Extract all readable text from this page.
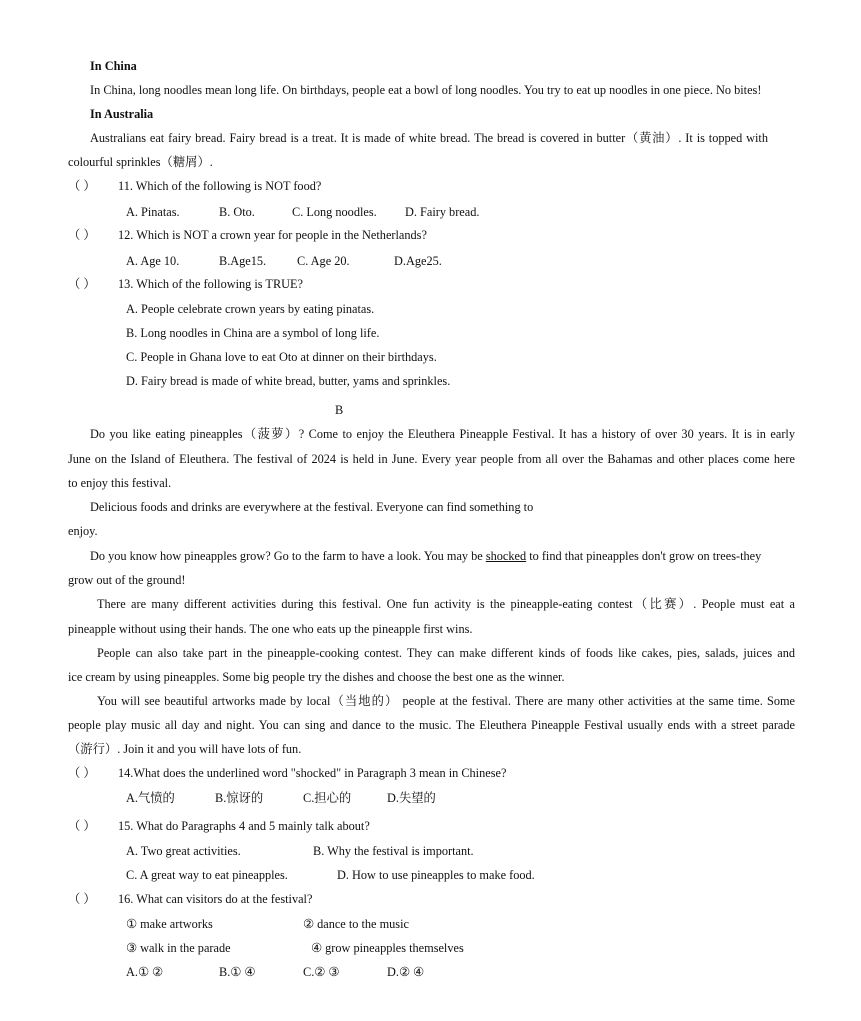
In China
In China, long noodles mean long life. On birthdays, people eat a bowl of long noodles. You try to eat up noodles in one piece. No bites!
In Australia
Australians eat fairy bread. Fairy bread is a treat. It is made of white bread. The bread is covered in butter（黄油）. It is topped with
colourful sprinkles（糖屑）.
（ ） 11. Which of the following is NOT food?
A. Pinatas.	B. Oto.	C. Long noodles. D. Fairy bread.
（ ） 12. Which is NOT a crown year for people in the Netherlands?
A. Age 10.	B.Age15.	C. Age 20.	D.Age25.
（ ） 13. Which of the following is TRUE?
A. People celebrate crown years by eating pinatas.
B. Long noodles in China are a symbol of long life.
C. People in Ghana love to eat Oto at dinner on their birthdays.
D. Fairy bread is made of white bread, butter, yams and sprinkles.
B
Do you like eating pineapples（菠萝）? Come to enjoy the Eleuthera Pineapple Festival. It has a history of over 30 years. It is in early
June on the Island of Eleuthera. The festival of 2024 is held in June. Every year people from all over the Bahamas and other places come here
to enjoy this festival.
Delicious foods and drinks are everywhere at the festival. Everyone can find something to
enjoy.
Do you know how pineapples grow? Go to the farm to have a look. You may be shocked to find that pineapples don't grow on trees-they
grow out of the ground!
There are many different activities during this festival. One fun activity is the pineapple-eating contest（比赛）. People must eat a
pineapple without using their hands. The one who eats up the pineapple first wins.
People can also take part in the pineapple-cooking contest. They can make different kinds of foods like cakes, pies, salads, juices and
ice cream by using pineapples. Some big people try the dishes and choose the best one as the winner.
You will see beautiful artworks made by local（当地的） people at the festival. There are many other activities at the same time. Some
people play music all day and night. You can sing and dance to the music. The Eleuthera Pineapple Festival usually ends with a street parade
（游行）. Join it and you will have lots of fun.
（ ） 14.What does the underlined word "shocked" in Paragraph 3 mean in Chinese?
A.气愤的	B.惊讶的	C.担心的	D.失望的
（ ） 15. What do Paragraphs 4 and 5 mainly talk about?
A. Two great activities.	B. Why the festival is important.
C. A great way to eat pineapples.	D. How to use pineapples to make food.
（ ） 16. What can visitors do at the festival?
① make artworks	② dance to the music
③ walk in the parade	④ grow pineapples themselves
A.① ②	B.① ④	C.② ③	D.② ④
